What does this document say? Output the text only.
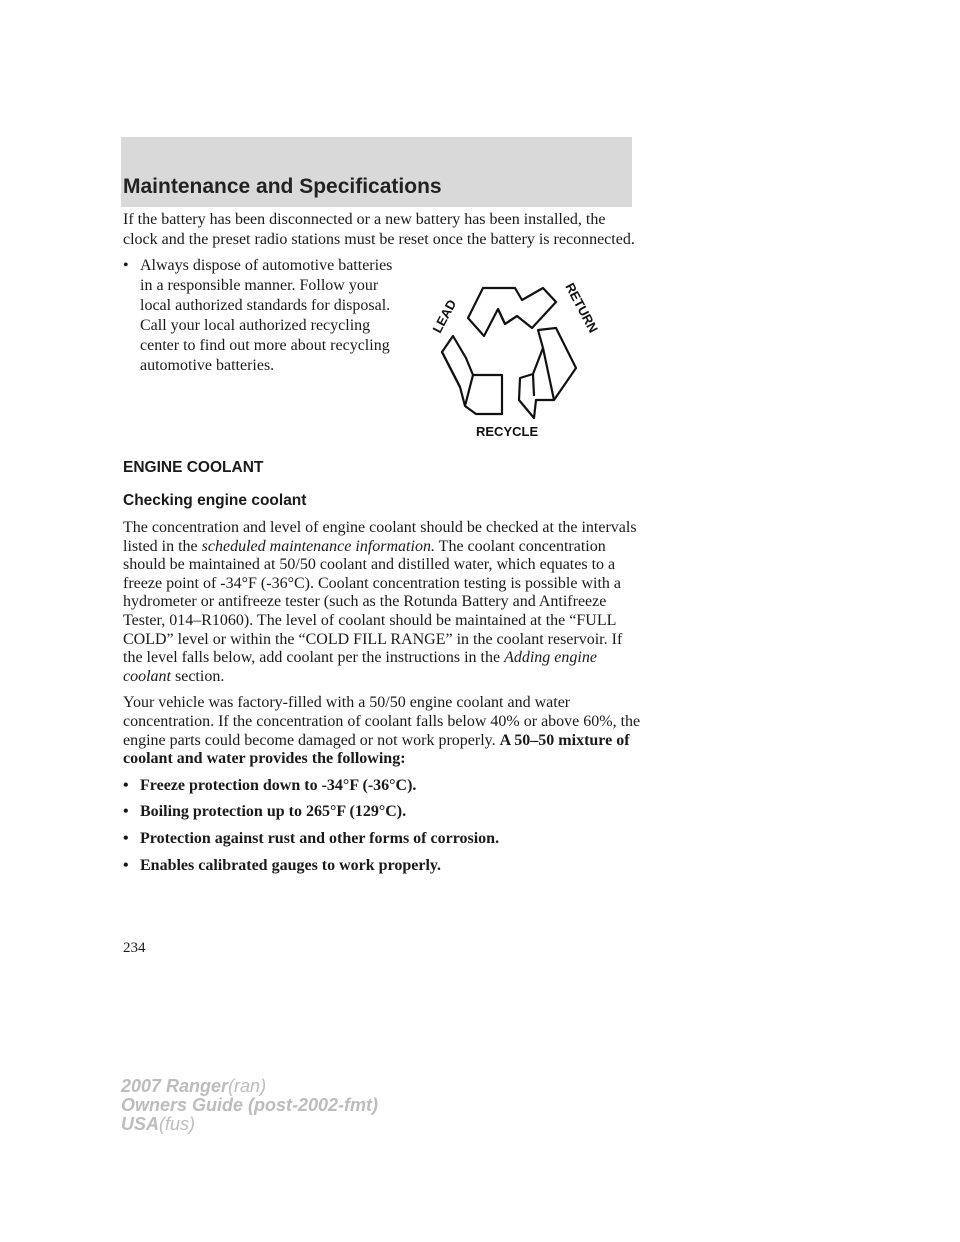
Maintenance and Specifications

If the battery has been disconnected or a new battery has been installed, the clock and the preset radio stations must be reset once the battery is reconnected.

• Always dispose of automotive batteries in a responsible manner. Follow your local authorized standards for disposal. Call your local authorized recycling center to find out more about recycling automotive batteries.
LEAD	RETURN
RECYCLE
ENGINE COOLANT
Checking engine coolant

The concentration and level of engine coolant should be checked at the intervals listed in the scheduled maintenance information. The coolant concentration should be maintained at 50/50 coolant and distilled water, which equates to a freeze point of -34°F (-36°C). Coolant concentration testing is possible with a hydrometer or antifreeze tester (such as the Rotunda Battery and Antifreeze Tester, 014–R1060). The level of coolant should be maintained at the “FULL COLD” level or within the “COLD FILL RANGE” in the coolant reservoir. If the level falls below, add coolant per the instructions in the Adding engine coolant section.

Your vehicle was factory-filled with a 50/50 engine coolant and water concentration. If the concentration of coolant falls below 40% or above 60%, the engine parts could become damaged or not work properly. A 50–50 mixture of coolant and water provides the following:

• Freeze protection down to -34°F (-36°C).
• Boiling protection up to 265°F (129°C).
• Protection against rust and other forms of corrosion.
• Enables calibrated gauges to work properly.
234
2007 Ranger(ran)
Owners Guide (post-2002-fmt)
USA(fus)
